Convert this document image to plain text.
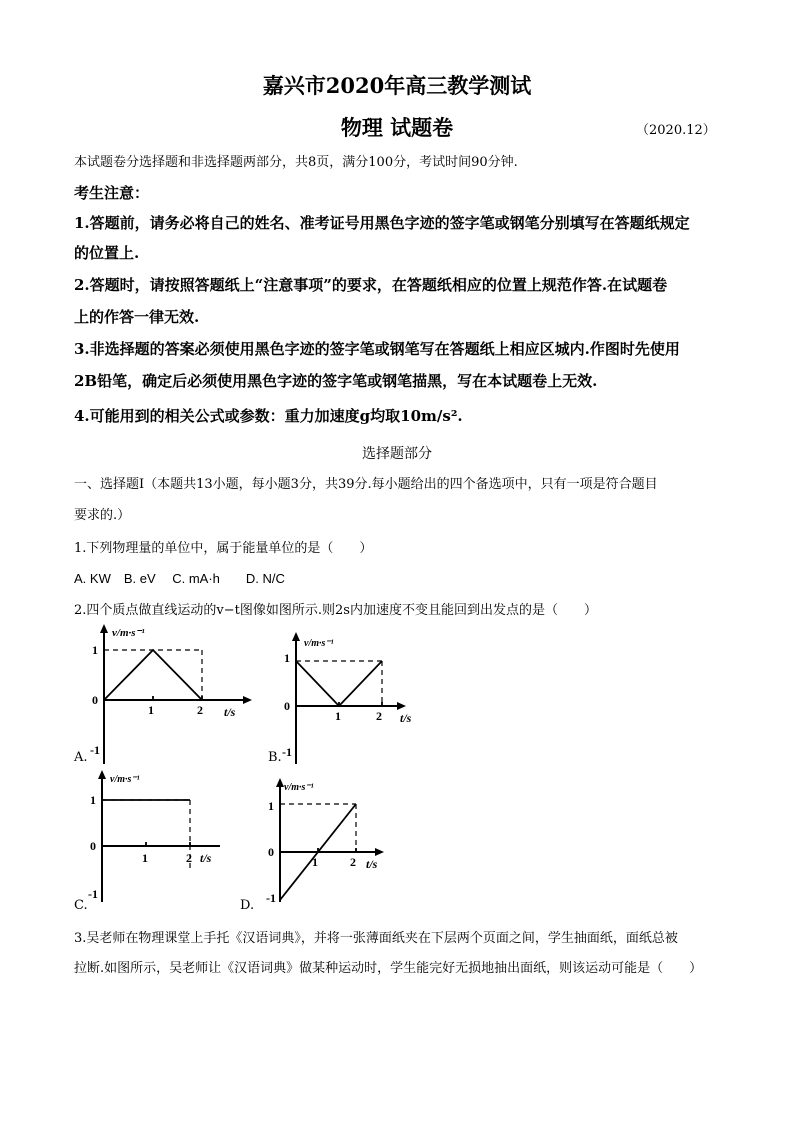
嘉兴市2020年高三教学测试
物理 试题卷	（2020.12）
本试题卷分选择题和非选择题两部分，共8页，满分100分，考试时间90分钟.
考生注意：
1.答题前，请务必将自己的姓名、准考证号用黑色字迹的签字笔或钢笔分别填写在答题纸规定
的位置上.
2.答题时，请按照答题纸上“注意事项”的要求，在答题纸相应的位置上规范作答.在试题卷
上的作答一律无效.
3.非选择题的答案必须使用黑色字迹的签字笔或钢笔写在答题纸上相应区城内.作图时先使用
2B铅笔，确定后必须使用黑色字迹的签字笔或钢笔描黑，写在本试题卷上无效.
4.可能用到的相关公式或参数：重力加速度g均取10m/s².
选择题部分
一、选择题Ⅰ（本题共13小题，每小题3分，共39分.每小题给出的四个备选项中，只有一项是符合题目
要求的.）
1.下列物理量的单位中，属于能量单位的是（　　）
A. KW　B. eV　 C. mA·h　　D. N/C
2.四个质点做直线运动的v−t图像如图所示.则2s内加速度不变且能回到出发点的是（　　）
v/m·s⁻¹
t/s
1
0
-1
1	2
A.
v/m·s⁻¹
t/s
1
0
-1
1	2
B.
v/m·s⁻¹
t/s
1
0
-1
1	2
C.
v/m·s⁻¹
t/s
1
0
-1
1	2
D.
3.吴老师在物理课堂上手托《汉语词典》，并将一张薄面纸夹在下层两个页面之间，学生抽面纸，面纸总被
拉断.如图所示，吴老师让《汉语词典》做某种运动时，学生能完好无损地抽出面纸，则该运动可能是（　　）
